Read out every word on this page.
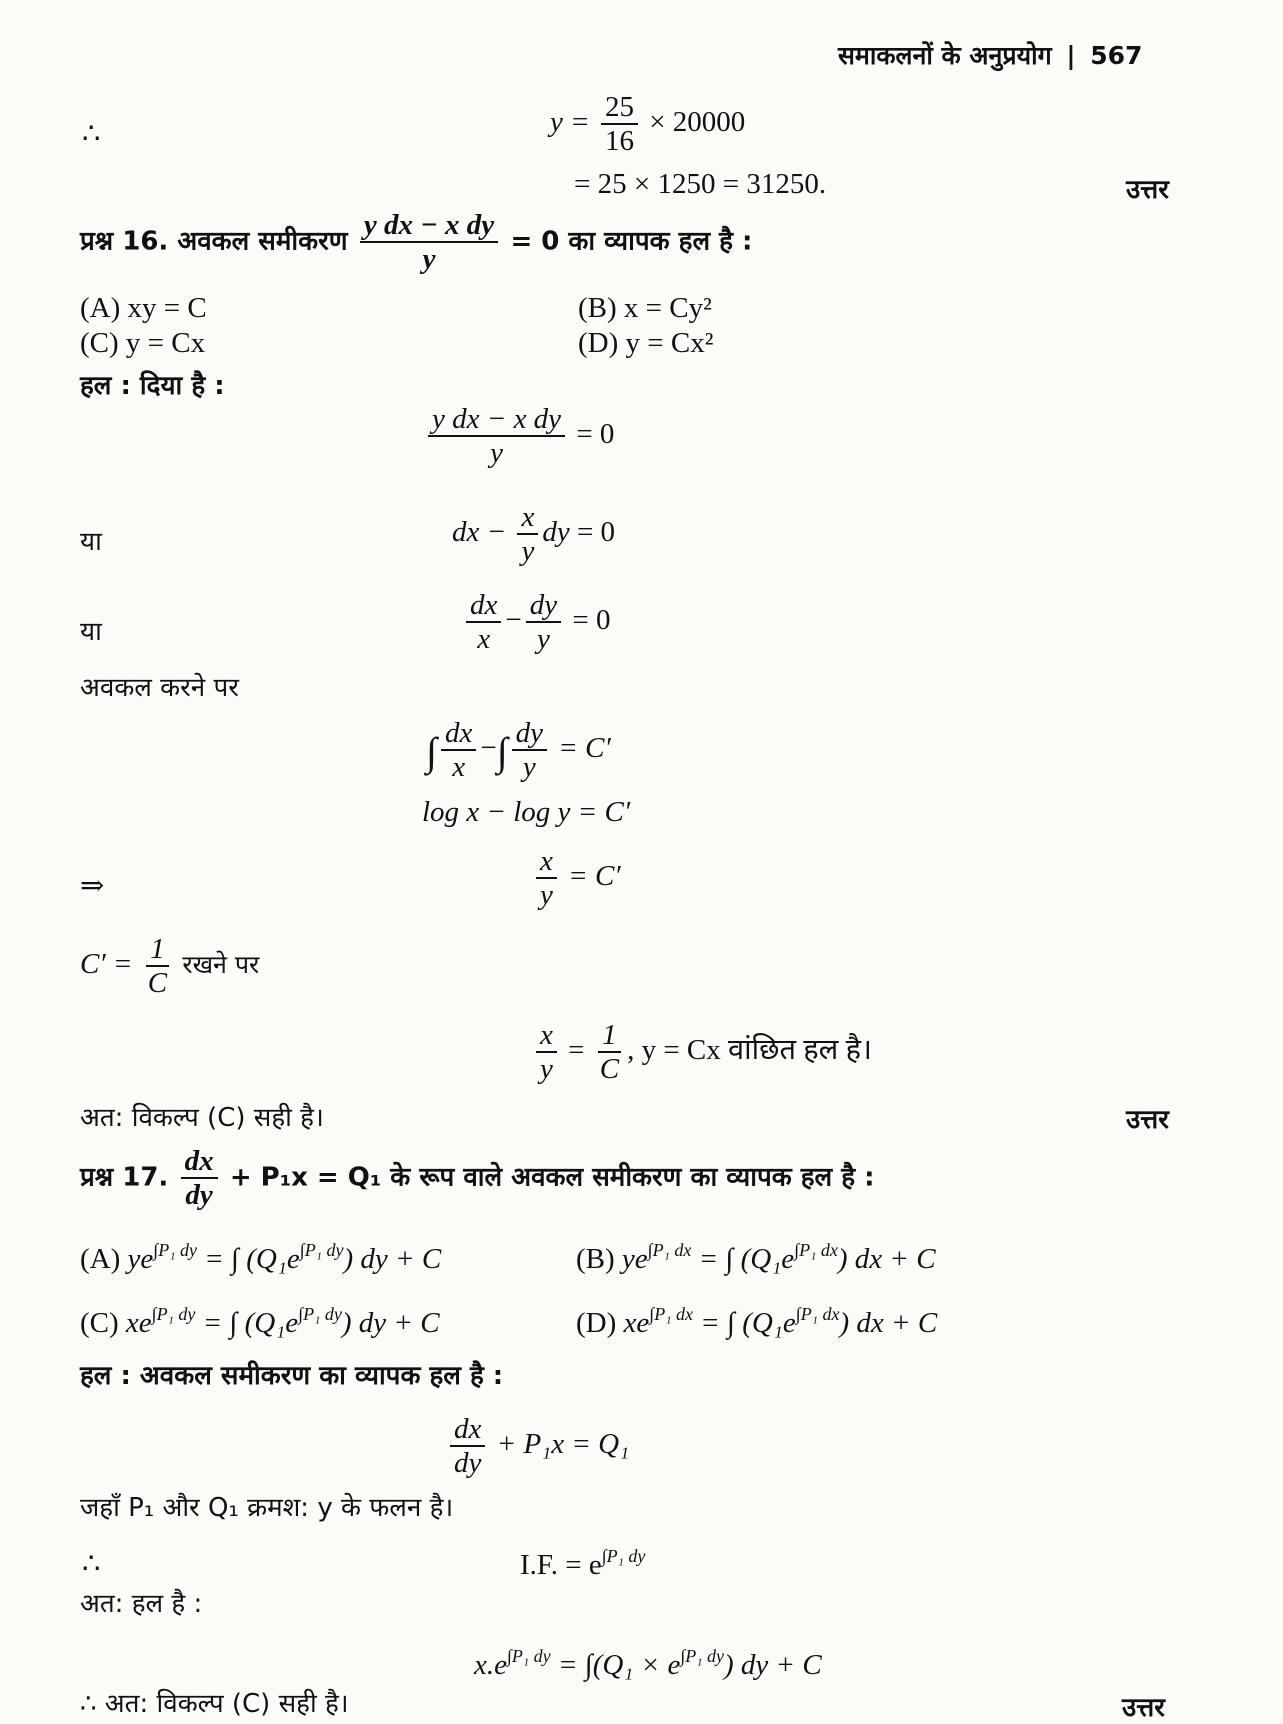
समाकलनों के अनुप्रयोग | 567
∴	$y = \frac{25}{16} \times 20000$
= 25 × 1250 = 31250.	उत्तर
प्रश्न 16. अवकल समीकरण $\frac{\text{y dx − x dy}}{y} = 0$ का व्यापक हल है :
(A) xy = C	(B) x = Cy²
(C) y = Cx	(D) y = Cx²
हल : दिया है :
$\frac{\text{y dx − x dy}}{y} = 0$
या	dx − $\frac{x}{y}$ dy = 0
या	$\frac{dx}{x} - \frac{dy}{y} = 0$
अवकल करने पर
∫ $\frac{dx}{x}$ −∫ $\frac{dy}{y} = C'$
log x − log y = C′
⇒	$\frac{x}{y} = C'$
$C' = \frac{1}{C}$ रखने पर
$\frac{x}{y} = \frac{1}{C}$ , y = Cx वांछित हल है।
अत: विकल्प (C) सही है।	उत्तर
प्रश्न 17. $\frac{dx}{dy} + P_1x = Q_1$ के रूप वाले अवकल समीकरण का व्यापक हल है :
(A) $ye^{\int P_1 dy}$ = ∫ $(Q_1e^{\int P_1 dy})$ dy + C	(B) $ye^{\int P_1 dx}$ = ∫ $(Q_1e^{\int P_1 dx})$ dx + C
(C) $xe^{\int P_1 dy}$ = ∫ $(Q_1e^{\int P_1 dy})$ dy + C	(D) $xe^{\int P_1 dx}$ = ∫ $(Q_1e^{\int P_1 dx})$ dx + C
हल : अवकल समीकरण का व्यापक हल है :
$\frac{dx}{dy} + P_1x = Q_1$
जहाँ P₁ और Q₁ क्रमश: y के फलन है।
∴	I.F. = $e^{\int P_1 dy}$
अत: हल है :
$x.e^{\int P_1 dy} = \int(Q_1 \times e^{\int P_1 dy})$ dy + C
∴ अत: विकल्प (C) सही है।	उत्तर
